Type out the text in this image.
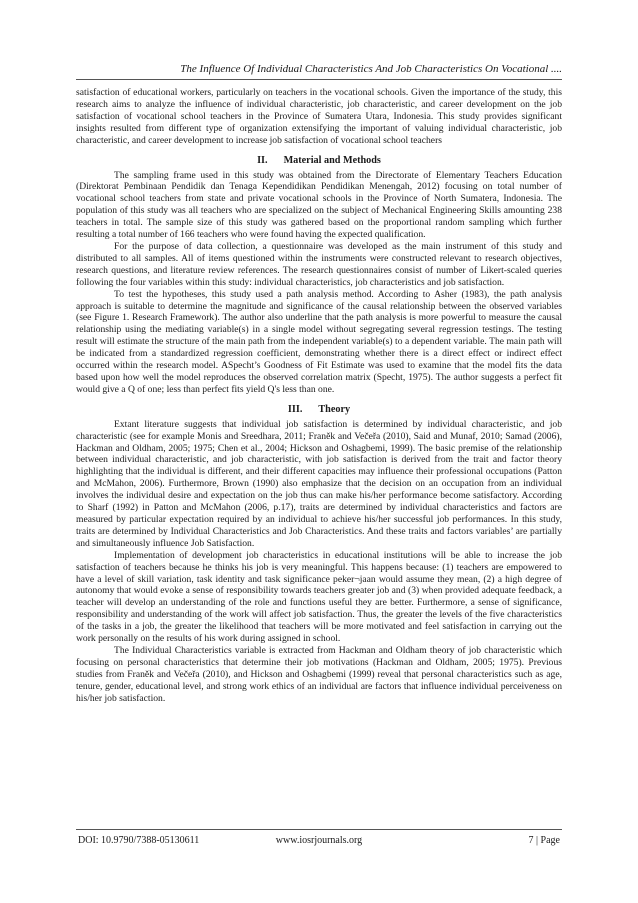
The Influence Of Individual Characteristics And Job Characteristics On Vocational ....

satisfaction of educational workers, particularly on teachers in the vocational schools. Given the importance of the study, this research aims to analyze the influence of individual characteristic, job characteristic, and career development on the job satisfaction of vocational school teachers in the Province of Sumatera Utara, Indonesia. This study provides significant insights resulted from different type of organization extensifying the important of valuing individual characteristic, job characteristic, and career development to increase job satisfaction of vocational school teachers

II. Material and Methods

The sampling frame used in this study was obtained from the Directorate of Elementary Teachers Education (Direktorat Pembinaan Pendidik dan Tenaga Kependidikan Pendidikan Menengah, 2012) focusing on total number of vocational school teachers from state and private vocational schools in the Province of North Sumatera, Indonesia. The population of this study was all teachers who are specialized on the subject of Mechanical Engineering Skills amounting 238 teachers in total. The sample size of this study was gathered based on the proportional random sampling which further resulting a total number of 166 teachers who were found having the expected qualification.

For the purpose of data collection, a questionnaire was developed as the main instrument of this study and distributed to all samples. All of items questioned within the instruments were constructed relevant to research objectives, research questions, and literature review references. The research questionnaires consist of number of Likert-scaled queries following the four variables within this study: individual characteristics, job characteristics and job satisfaction.

To test the hypotheses, this study used a path analysis method. According to Asher (1983), the path analysis approach is suitable to determine the magnitude and significance of the causal relationship between the observed variables (see Figure 1. Research Framework). The author also underline that the path analysis is more powerful to measure the causal relationship using the mediating variable(s) in a single model without segregating several regression testings. The testing result will estimate the structure of the main path from the independent variable(s) to a dependent variable. The main path will be indicated from a standardized regression coefficient, demonstrating whether there is a direct effect or indirect effect occurred within the research model. ASpecht’s Goodness of Fit Estimate was used to examine that the model fits the data based upon how well the model reproduces the observed correlation matrix (Specht, 1975). The author suggests a perfect fit would give a Q of one; less than perfect fits yield Q's less than one.

III. Theory

Extant literature suggests that individual job satisfaction is determined by individual characteristic, and job characteristic (see for example Monis and Sreedhara, 2011; Franěk and Večeřa (2010), Said and Munaf, 2010; Samad (2006), Hackman and Oldham, 2005; 1975; Chen et al., 2004; Hickson and Oshagbemi, 1999). The basic premise of the relationship between individual characteristic, and job characteristic, with job satisfaction is derived from the trait and factor theory highlighting that the individual is different, and their different capacities may influence their professional occupations (Patton and McMahon, 2006). Furthermore, Brown (1990) also emphasize that the decision on an occupation from an individual involves the individual desire and expectation on the job thus can make his/her performance become satisfactory. According to Sharf (1992) in Patton and McMahon (2006, p.17), traits are determined by individual characteristics and factors are measured by particular expectation required by an individual to achieve his/her successful job performances. In this study, traits are determined by Individual Characteristics and Job Characteristics. And these traits and factors variables’ are partially and simultaneously influence Job Satisfaction.

Implementation of development job characteristics in educational institutions will be able to increase the job satisfaction of teachers because he thinks his job is very meaningful. This happens because: (1) teachers are empowered to have a level of skill variation, task identity and task significance peker¬jaan would assume they mean, (2) a high degree of autonomy that would evoke a sense of responsibility towards teachers greater job and (3) when provided adequate feedback, a teacher will develop an understanding of the role and functions useful they are better. Furthermore, a sense of significance, responsibility and understanding of the work will affect job satisfaction. Thus, the greater the levels of the five characteristics of the tasks in a job, the greater the likelihood that teachers will be more motivated and feel satisfaction in carrying out the work personally on the results of his work during assigned in school.

The Individual Characteristics variable is extracted from Hackman and Oldham theory of job characteristic which focusing on personal characteristics that determine their job motivations (Hackman and Oldham, 2005; 1975). Previous studies from Franěk and Večeřa (2010), and Hickson and Oshagbemi (1999) reveal that personal characteristics such as age, tenure, gender, educational level, and strong work ethics of an individual are factors that influence individual perceiveness on his/her job satisfaction.

DOI: 10.9790/7388-05130611	www.iosrjournals.org	7 | Page
